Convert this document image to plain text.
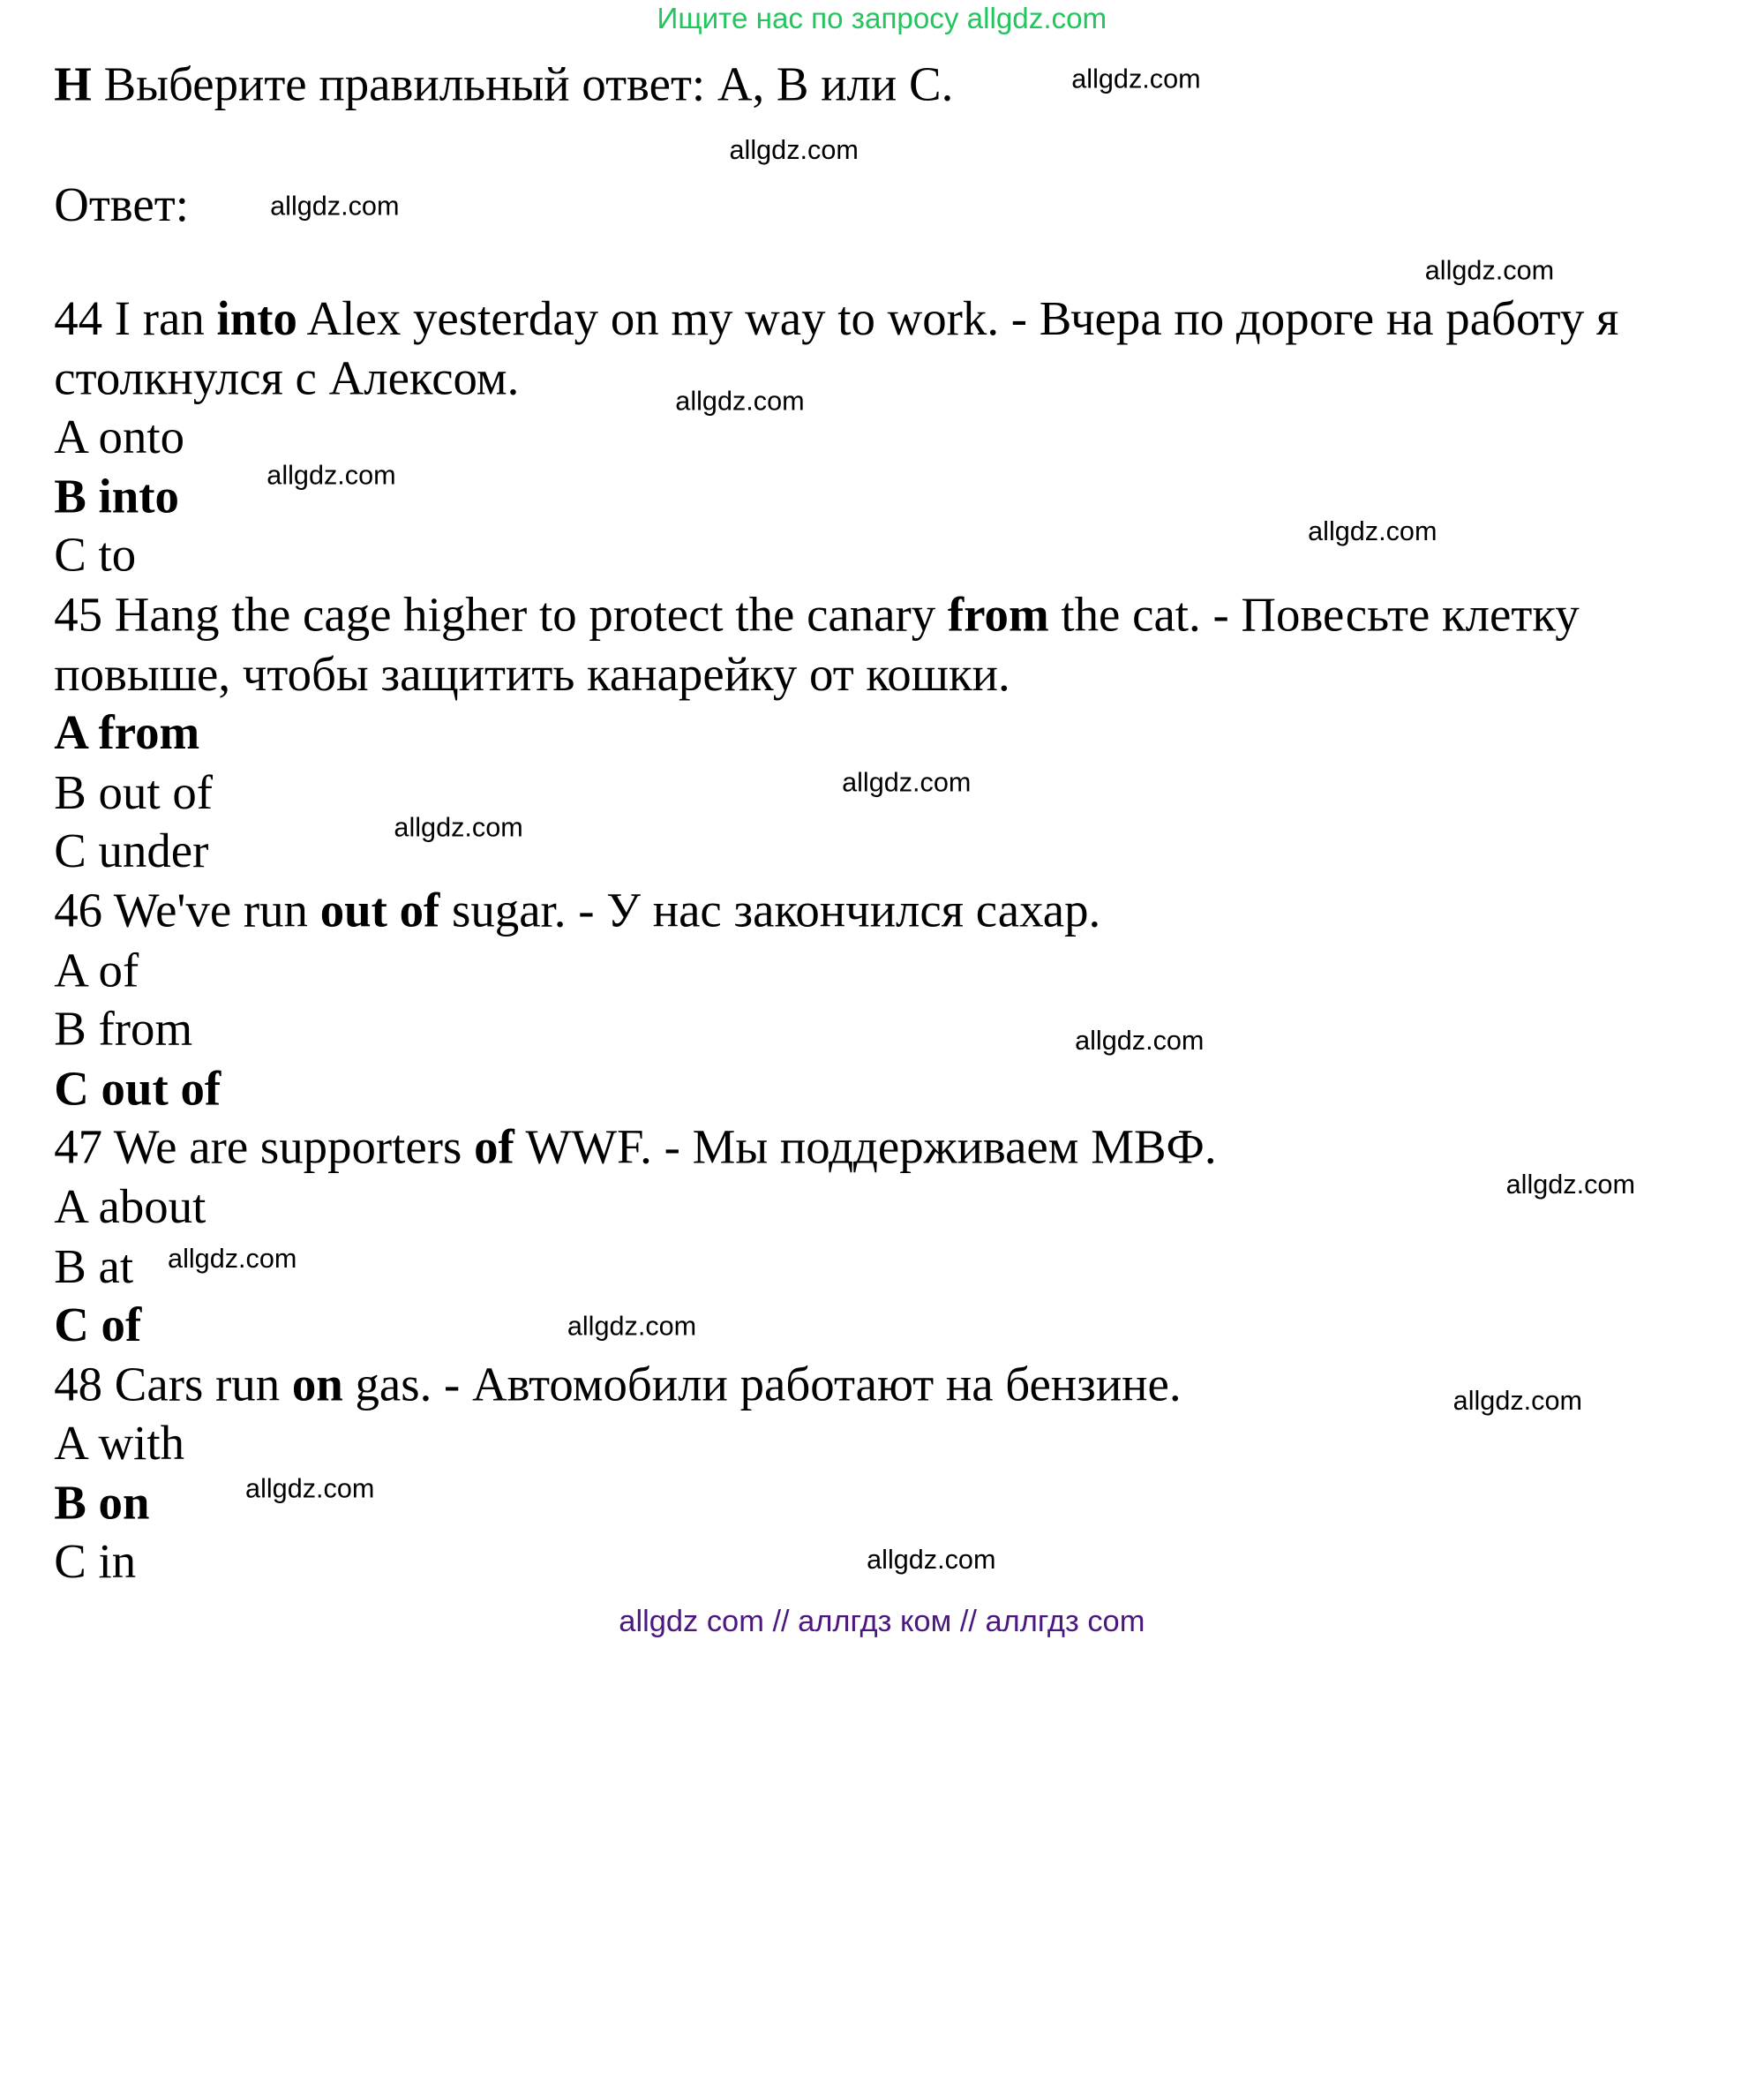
Ищите нас по запросу allgdz.com
H Выберите правильный ответ: A, B или C.
Ответ:
44 I ran into Alex yesterday on my way to work. - Вчера по дороге на работу я столкнулся с Алексом.
A onto
B into
C to
45 Hang the cage higher to protect the canary from the cat. - Повесьте клетку повыше, чтобы защитить канарейку от кошки.
A from
B out of
C under
46 We've run out of sugar. - У нас закончился сахар.
A of
B from
C out of
47 We are supporters of WWF. - Мы поддерживаем МВФ.
A about
B at
C of
48 Cars run on gas. - Автомобили работают на бензине.
A with
B on
C in
allgdz.com
allgdz.com
allgdz.com
allgdz.com
allgdz.com
allgdz.com
allgdz.com
allgdz.com
allgdz.com
allgdz.com
allgdz.com
allgdz.com
allgdz.com
allgdz.com
allgdz.com
allgdz.com
allgdz com // аллгдз ком // аллгдз com
